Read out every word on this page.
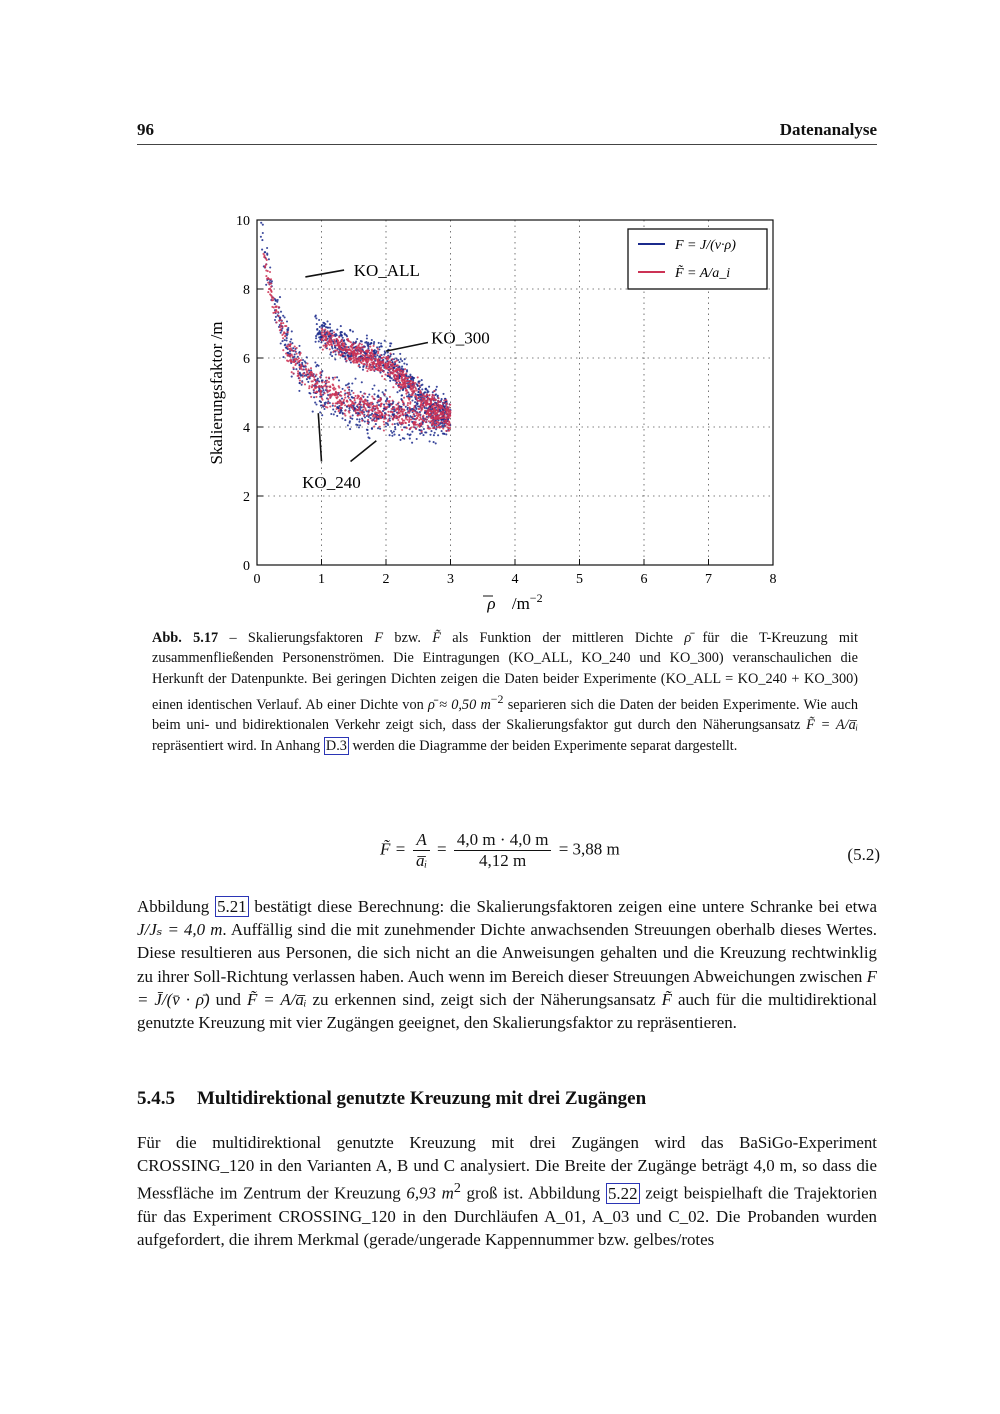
96	Datenanalyse
0	1	2	3	4	5	6	7	8
0
2
4
6
8
10
KO_ALL
KO_300
KO_240
Skalierungsfaktor /m
ρ $/m^{-2}$
F = J/(v·ρ)
F̃ = A/a_i
Abb. 5.17 – Skalierungsfaktoren F bzw. F̃ als Funktion der mittleren Dichte ρ̄ für die T-Kreuzung mit zusammenfließenden Personenströmen. Die Eintragungen (KO_ALL, KO_240 und KO_300) veranschaulichen die Herkunft der Datenpunkte. Bei geringen Dichten zeigen die Daten beider Experimente (KO_ALL = KO_240 + KO_300) einen identischen Verlauf. Ab einer Dichte von ρ̄ ≈ 0,50 $m^{-2}$ separieren sich die Daten der beiden Experimente. Wie auch beim uni- und bidirektionalen Verkehr zeigt sich, dass der Skalierungsfaktor gut durch den Näherungsansatz F̃ = A/a̅ᵢ repräsentiert wird. In Anhang D.3 werden die Diagramme der beiden Experimente separat dargestellt.
F̃ = $\frac{A}{\text{a̅ᵢ}} = \frac{4,0 m \cdot 4,0 m}{4,12 m} = 3,88$ m	(5.2)
Abbildung 5.21 bestätigt diese Berechnung: die Skalierungsfaktoren zeigen eine untere Schranke bei etwa J/Jₛ = 4,0 m. Auffällig sind die mit zunehmender Dichte anwachsenden Streuungen oberhalb dieses Wertes. Diese resultieren aus Personen, die sich nicht an die Anweisungen gehalten und die Kreuzung rechtwinklig zu ihrer Soll-Richtung verlassen haben. Auch wenn im Bereich dieser Streuungen Abweichungen zwischen F = J̄/(v̄ · ρ̄) und F̃ = A/a̅ᵢ zu erkennen sind, zeigt sich der Näherungsansatz F̃ auch für die multidirektional genutzte Kreuzung mit vier Zugängen geeignet, den Skalierungsfaktor zu repräsentieren.
5.4.5 Multidirektional genutzte Kreuzung mit drei Zugängen
Für die multidirektional genutzte Kreuzung mit drei Zugängen wird das BaSiGo-Experiment CROSSING_120 in den Varianten A, B und C analysiert. Die Breite der Zugänge beträgt 4,0 m, so dass die Messfläche im Zentrum der Kreuzung 6,93 $m^2$ groß ist. Abbildung 5.22 zeigt beispielhaft die Trajektorien für das Experiment CROSSING_120 in den Durchläufen A_01, A_03 und C_02. Die Probanden wurden aufgefordert, die ihrem Merkmal (gerade/ungerade Kappennummer bzw. gelbes/rotes
